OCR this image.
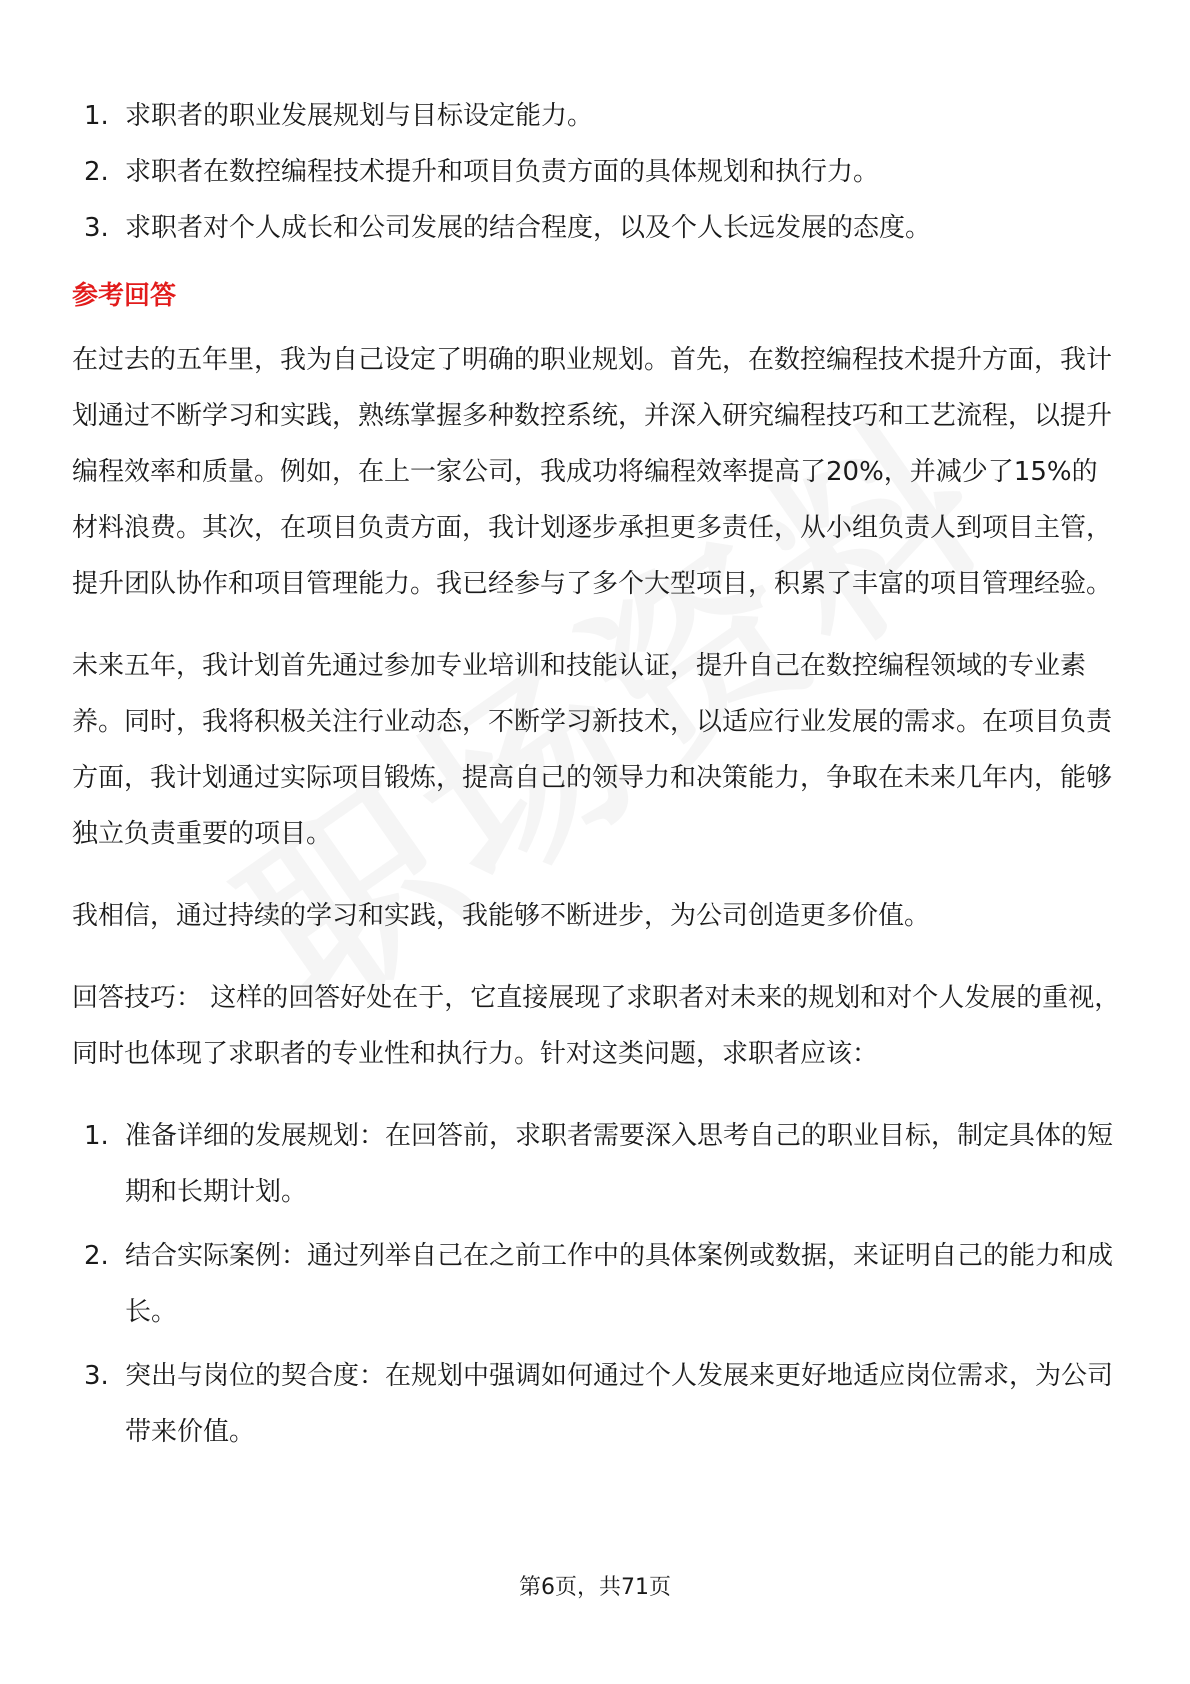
1. 求职者的职业发展规划与目标设定能力。
2. 求职者在数控编程技术提升和项目负责方面的具体规划和执行力。
3. 求职者对个人成长和公司发展的结合程度，以及个人长远发展的态度。
参考回答

在过去的五年里，我为自己设定了明确的职业规划。首先，在数控编程技术提升方面，我计划通过不断学习和实践，熟练掌握多种数控系统，并深入研究编程技巧和工艺流程，以提升编程效率和质量。例如，在上一家公司，我成功将编程效率提高了20%，并减少了15%的材料浪费。其次，在项目负责方面，我计划逐步承担更多责任，从小组负责人到项目主管，提升团队协作和项目管理能力。我已经参与了多个大型项目，积累了丰富的项目管理经验。

未来五年，我计划首先通过参加专业培训和技能认证，提升自己在数控编程领域的专业素养。同时，我将积极关注行业动态，不断学习新技术，以适应行业发展的需求。在项目负责方面，我计划通过实际项目锻炼，提高自己的领导力和决策能力，争取在未来几年内，能够独立负责重要的项目。

我相信，通过持续的学习和实践，我能够不断进步，为公司创造更多价值。

回答技巧： 这样的回答好处在于，它直接展现了求职者对未来的规划和对个人发展的重视，同时也体现了求职者的专业性和执行力。针对这类问题，求职者应该：

1. 准备详细的发展规划：在回答前，求职者需要深入思考自己的职业目标，制定具体的短期和长期计划。
2. 结合实际案例：通过列举自己在之前工作中的具体案例或数据，来证明自己的能力和成长。
3. 突出与岗位的契合度：在规划中强调如何通过个人发展来更好地适应岗位需求，为公司带来价值。
第6页，共71页
